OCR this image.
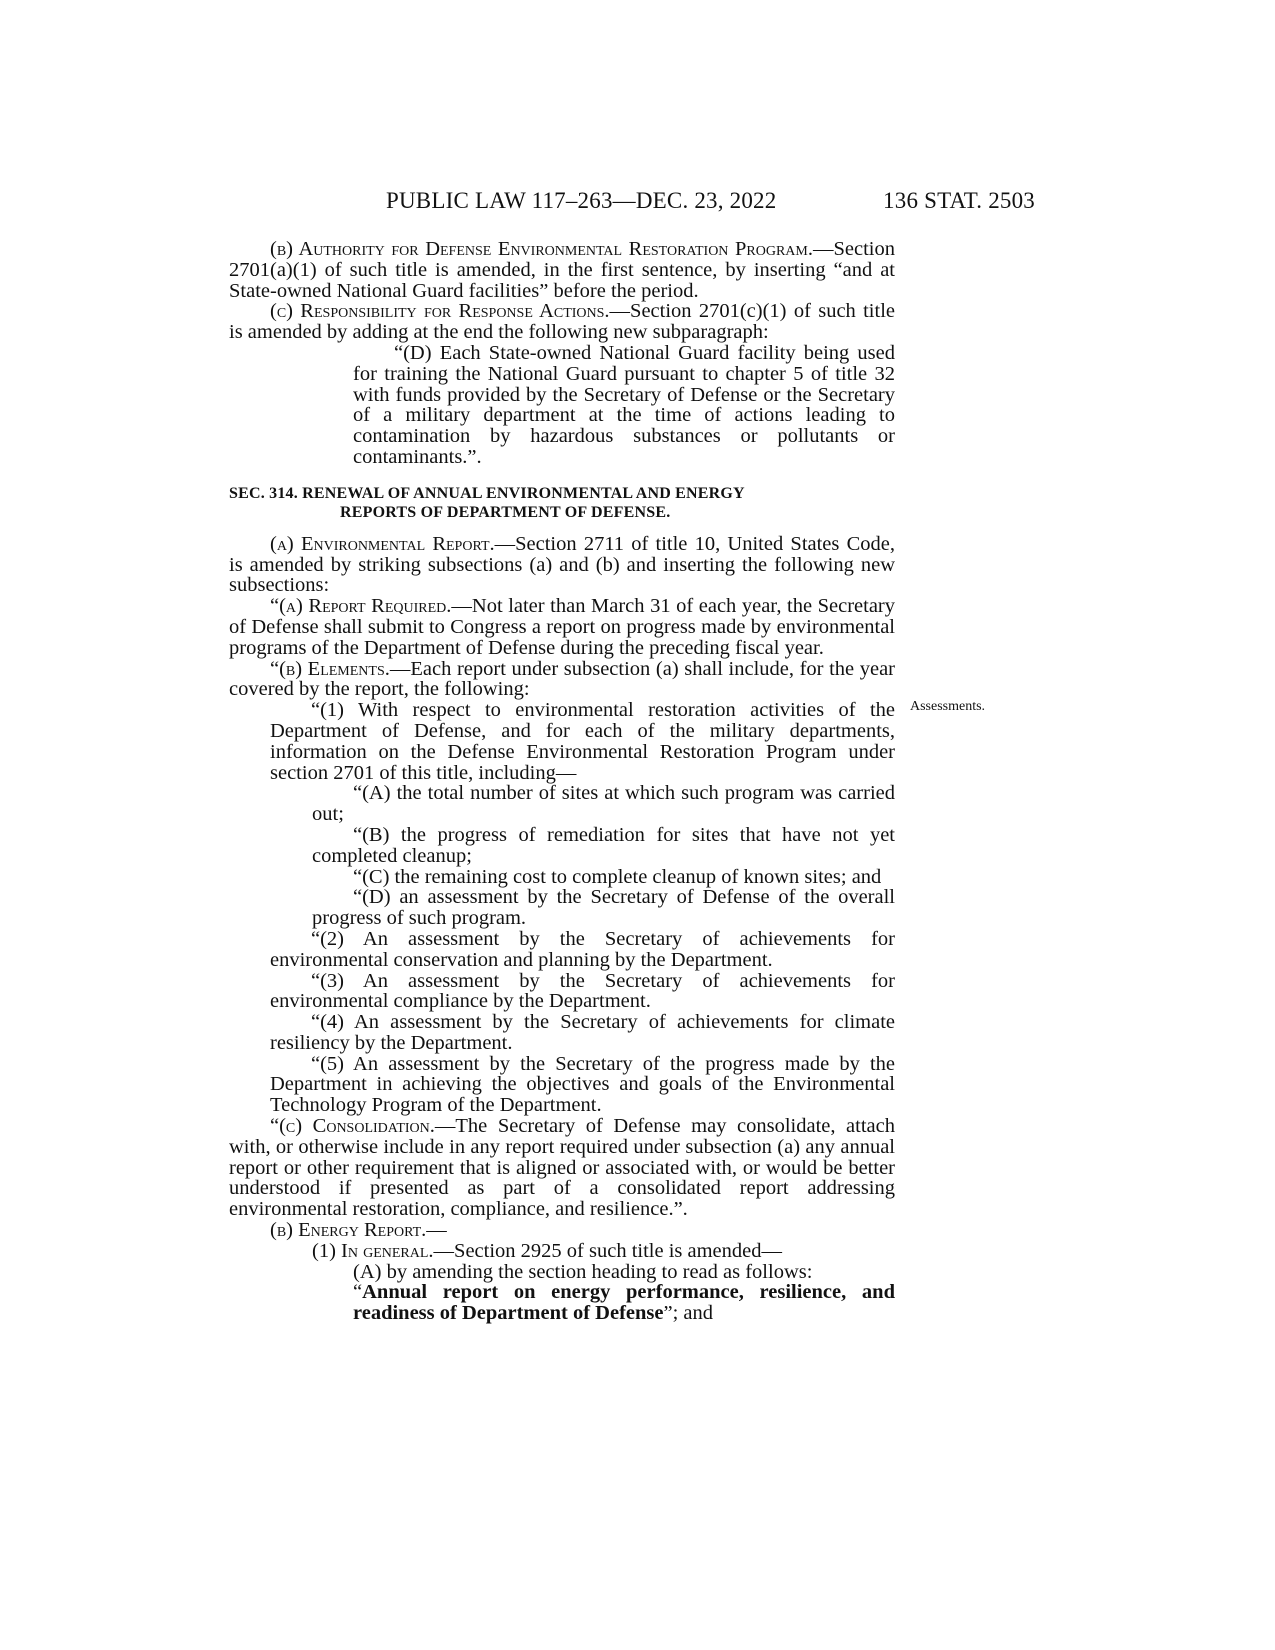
PUBLIC LAW 117–263—DEC. 23, 2022	136 STAT. 2503
Assessments.

(b) Authority for Defense Environmental Restoration Program.—Section 2701(a)(1) of such title is amended, in the first sentence, by inserting “and at State-owned National Guard facilities” before the period.

(c) Responsibility for Response Actions.—Section 2701(c)(1) of such title is amended by adding at the end the following new subparagraph:

“(D) Each State-owned National Guard facility being used for training the National Guard pursuant to chapter 5 of title 32 with funds provided by the Secretary of Defense or the Secretary of a military department at the time of actions leading to contamination by hazardous substances or pollutants or contaminants.”.

SEC. 314. RENEWAL OF ANNUAL ENVIRONMENTAL AND ENERGY
REPORTS OF DEPARTMENT OF DEFENSE.

(a) Environmental Report.—Section 2711 of title 10, United States Code, is amended by striking subsections (a) and (b) and inserting the following new subsections:

“(a) Report Required.—Not later than March 31 of each year, the Secretary of Defense shall submit to Congress a report on progress made by environmental programs of the Department of Defense during the preceding fiscal year.

“(b) Elements.—Each report under subsection (a) shall include, for the year covered by the report, the following:

“(1) With respect to environmental restoration activities of the Department of Defense, and for each of the military departments, information on the Defense Environmental Restoration Program under section 2701 of this title, including—

“(A) the total number of sites at which such program was carried out;

“(B) the progress of remediation for sites that have not yet completed cleanup;

“(C) the remaining cost to complete cleanup of known sites; and

“(D) an assessment by the Secretary of Defense of the overall progress of such program.

“(2) An assessment by the Secretary of achievements for environmental conservation and planning by the Department.

“(3) An assessment by the Secretary of achievements for environmental compliance by the Department.

“(4) An assessment by the Secretary of achievements for climate resiliency by the Department.

“(5) An assessment by the Secretary of the progress made by the Department in achieving the objectives and goals of the Environmental Technology Program of the Department.

“(c) Consolidation.—The Secretary of Defense may consolidate, attach with, or otherwise include in any report required under subsection (a) any annual report or other requirement that is aligned or associated with, or would be better understood if presented as part of a consolidated report addressing environmental restoration, compliance, and resilience.”.

(b) Energy Report.—

(1) In general.—Section 2925 of such title is amended—

(A) by amending the section heading to read as follows:

“Annual report on energy performance, resilience, and readiness of Department of Defense”; and
